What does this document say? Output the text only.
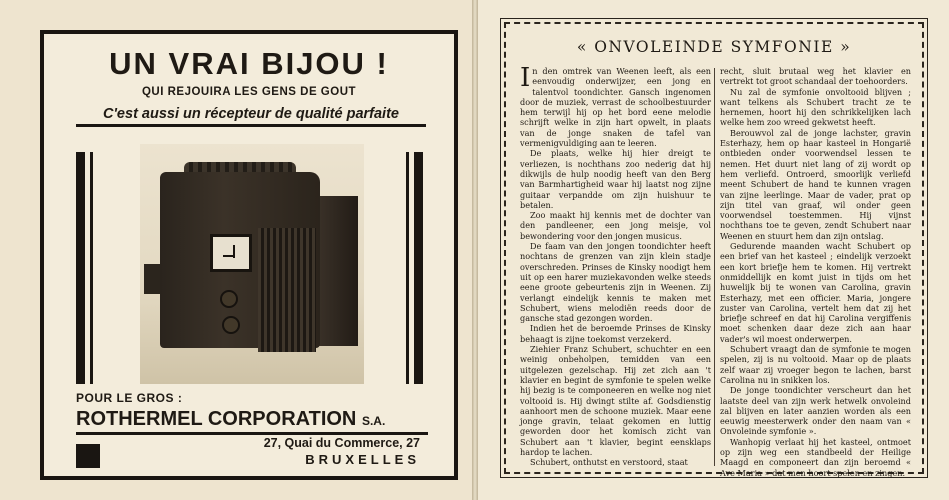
UN VRAI BIJOU !
QUI REJOUIRA LES GENS DE GOUT
C'est aussi un récepteur de qualité parfaite
POUR LE GROS :
ROTHERMEL CORPORATION S.A.
27, Quai du Commerce, 27
BRUXELLES
« ONVOLEINDE SYMFONIE »

In den omtrek van Weenen leeft, als een eenvoudig onderwijzer, een jong en talentvol toondichter. Gansch ingenomen door de muziek, verrast de schoolbestuurder hem terwijl hij op het bord eene melodie schrijft welke in zijn hart opwelt, in plaats van de jonge snaken de tafel van vermenigvuldiging aan te leeren.

De plaats, welke hij hier dreigt te verliezen, is nochthans zoo nederig dat hij dikwijls de hulp noodig heeft van den Berg van Barmhartigheid waar hij laatst nog zijne guitaar verpandde om zijn huishuur te betalen.

Zoo maakt hij kennis met de dochter van den pandleener, een jong meisje, vol bewondering voor den jongen musicus.

De faam van den jongen toondichter heeft nochtans de grenzen van zijn klein stadje overschreden. Prinses de Kinsky noodigt hem uit op een harer muziekavonden welke steeds eene groote gebeurtenis zijn in Weenen. Zij verlangt eindelijk kennis te maken met Schubert, wiens melodiën reeds door de gansche stad gezongen worden.

Indien het de beroemde Prinses de Kinsky behaagt is zijne toekomst verzekerd.

Ziehier Franz Schubert, schuchter en een weinig onbeholpen, temidden van een uitgelezen gezelschap. Hij zet zich aan 't klavier en begint de symfonie te spelen welke hij bezig is te componeeren en welke nog niet voltooid is. Hij dwingt stilte af. Godsdienstig aanhoort men de schoone muziek. Maar eene jonge gravin, telaat gekomen en luttig geworden door het komisch zicht van Schubert aan 't klavier, begint eensklaps hardop te lachen.

Schubert, onthutst en verstoord, staat

recht, sluit brutaal weg het klavier en vertrekt tot groot schandaal der toehoorders.

Nu zal de symfonie onvoltooid blijven ; want telkens als Schubert tracht ze te hernemen, hoort hij den schrikkelijken lach welke hem zoo wreed gekwetst heeft.

Berouwvol zal de jonge lachster, gravin Esterhazy, hem op haar kasteel in Hongarië ontbieden onder voorwendsel lessen te nemen. Het duurt niet lang of zij wordt op hem verliefd. Ontroerd, smoorlijk verliefd meent Schubert de hand te kunnen vragen van zijne leerlinge. Maar de vader, prat op zijn titel van graaf, wil onder geen voorwendsel toestemmen. Hij vijnst nochthans toe te geven, zendt Schubert naar Weenen en stuurt hem dan zijn ontslag.

Gedurende maanden wacht Schubert op een brief van het kasteel ; eindelijk verzoekt een kort briefje hem te komen. Hij vertrekt onmiddellijk en komt juist in tijds om het huwelijk bij te wonen van Carolina, gravin Esterhazy, met een officier. Maria, jongere zuster van Carolina, vertelt hem dat zij het briefje schreef en dat hij Carolina vergiffenis moet schenken daar deze zich aan haar vader's wil moest onderwerpen.

Schubert vraagt dan de symfonie te mogen spelen, zij is nu voltooid. Maar op de plaats zelf waar zij vroeger begon te lachen, barst Carolina nu in snikken los.

De jonge toondichter verscheurt dan het laatste deel van zijn werk hetwelk onvoleind zal blijven en later aanzien worden als een eeuwig meesterwerk onder den naam van « Onvoleinde symfonie ».

Wanhopig verlaat hij het kasteel, ontmoet op zijn weg een standbeeld der Heilige Maagd en componeert dan zijn beroemd « Ave Maria » dat men hoort spelen en zingen.
